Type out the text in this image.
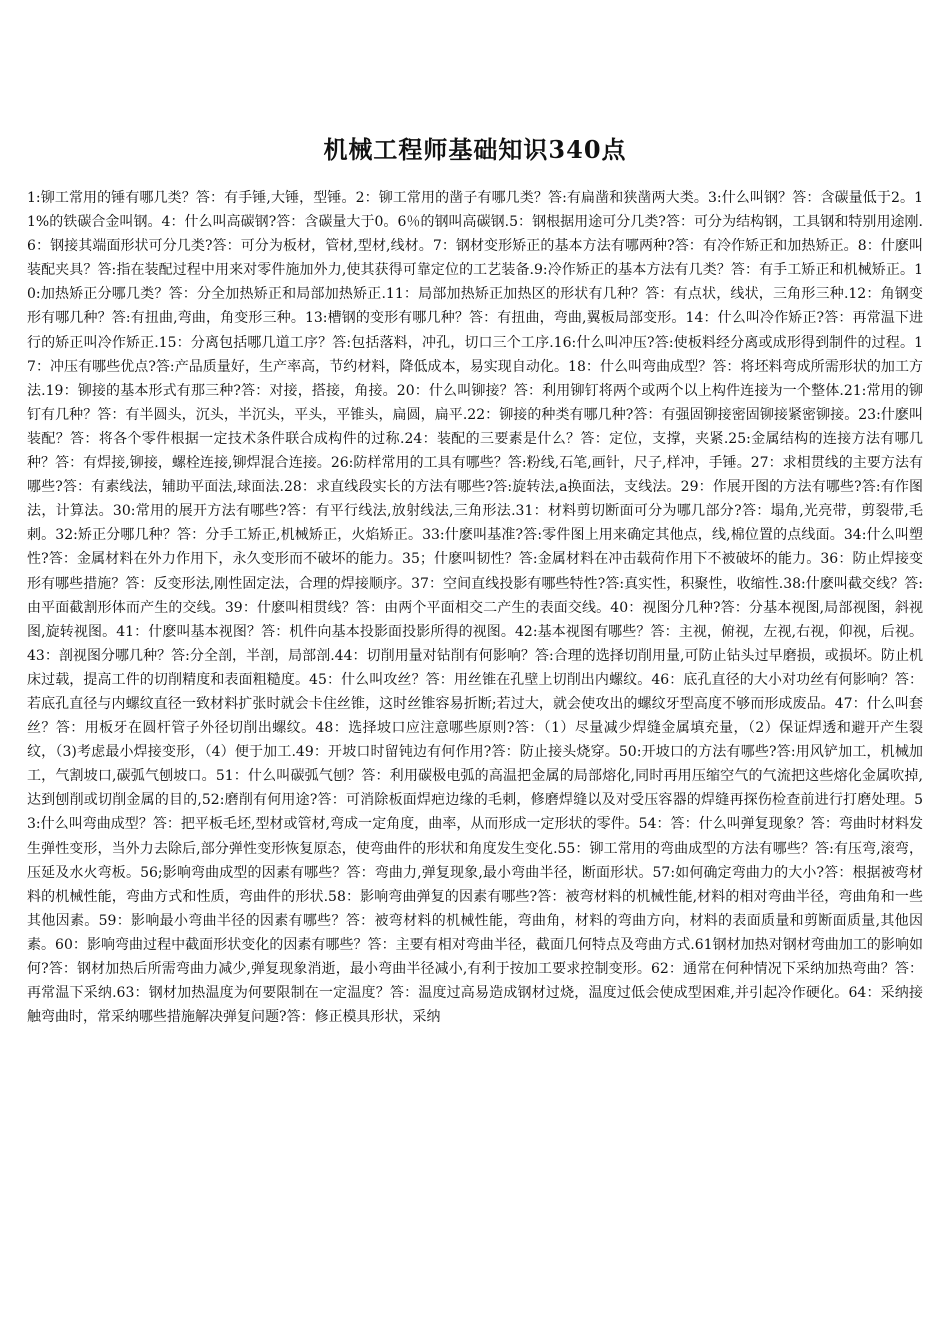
机械工程师基础知识340点

1:铆工常用的锤有哪几类？答：有手锤,大锤，型锤。2：铆工常用的凿子有哪几类？答:有扁凿和狭凿两大类。3:什么叫钢？答：含碳量低于2。11%的铁碳合金叫钢。4：什么叫高碳钢?答：含碳量大于0。6％的钢叫高碳钢.5：钢根据用途可分几类?答：可分为结构钢，工具钢和特别用途刚.6：钢接其端面形状可分几类?答：可分为板材，管材,型材,线材。7：钢材变形矫正的基本方法有哪两种?答：有冷作矫正和加热矫正。8：什麽叫装配夹具？答:指在装配过程中用来对零件施加外力,使其获得可靠定位的工艺装备.9:冷作矫正的基本方法有几类？答：有手工矫正和机械矫正。10:加热矫正分哪几类？答：分全加热矫正和局部加热矫正.11：局部加热矫正加热区的形状有几种？答：有点状，线状，三角形三种.12：角钢变形有哪几种？答:有扭曲,弯曲，角变形三种。13:槽钢的变形有哪几种？答：有扭曲，弯曲,翼板局部变形。14：什么叫冷作矫正?答：再常温下进行的矫正叫冷作矫正.15：分离包括哪几道工序？答:包括落料，冲孔，切口三个工序.16:什么叫冲压?答:使板料经分离或成形得到制件的过程。17：冲压有哪些优点?答:产品质量好，生产率高，节约材料，降低成本，易实现自动化。18：什么叫弯曲成型？答：将坯料弯成所需形状的加工方法.19：铆接的基本形式有那三种?答：对接，搭接，角接。20：什么叫铆接？答：利用铆钉将两个或两个以上构件连接为一个整体.21:常用的铆钉有几种？答：有半圆头，沉头，半沉头，平头，平锥头，扁圆，扁平.22：铆接的种类有哪几种?答：有强固铆接密固铆接紧密铆接。23:什麽叫装配？答：将各个零件根据一定技术条件联合成构件的过称.24：装配的三要素是什么？答：定位，支撑，夹紧.25:金属结构的连接方法有哪几种？答：有焊接,铆接，螺栓连接,铆焊混合连接。26:防样常用的工具有哪些？答:粉线,石笔,画针，尺子,样冲，手锤。27：求相贯线的主要方法有哪些?答：有素线法，辅助平面法,球面法.28：求直线段实长的方法有哪些?答:旋转法,a换面法，支线法。29：作展开图的方法有哪些?答:有作图法，计算法。30:常用的展开方法有哪些?答：有平行线法,放射线法,三角形法.31：材料剪切断面可分为哪几部分?答：塌角,光亮带，剪裂带,毛刺。32:矫正分哪几种？答：分手工矫正,机械矫正，火焰矫正。33:什麽叫基准?答:零件图上用来确定其他点，线,棉位置的点线面。34:什么叫塑性?答：金属材料在外力作用下，永久变形而不破坏的能力。35；什麽叫韧性？答:金属材料在冲击载荷作用下不被破坏的能力。36：防止焊接变形有哪些措施？答：反变形法,刚性固定法，合理的焊接顺序。37：空间直线投影有哪些特性?答:真实性，积聚性，收缩性.38:什麽叫截交线？答:由平面截割形体而产生的交线。39：什麽叫相贯线？答：由两个平面相交二产生的表面交线。40：视图分几种?答：分基本视图,局部视图，斜视图,旋转视图。41：什麽叫基本视图？答：机件向基本投影面投影所得的视图。42:基本视图有哪些？答：主视，俯视，左视,右视，仰视，后视。43：剖视图分哪几种？答:分全剖，半剖，局部剖.44：切削用量对钻削有何影响？答:合理的选择切削用量,可防止钻头过早磨损，或损坏。防止机床过载，提高工件的切削精度和表面粗糙度。45：什么叫攻丝？答：用丝锥在孔壁上切削出内螺纹。46：底孔直径的大小对功丝有何影响？答：若底孔直径与内螺纹直径一致材料扩张时就会卡住丝锥，这时丝锥容易折断;若过大，就会使攻出的螺纹牙型高度不够而形成废品。47：什么叫套丝？答：用板牙在圆杆管子外径切削出螺纹。48：选择坡口应注意哪些原则?答：（1）尽量减少焊缝金属填充量，（2）保证焊透和避开产生裂纹，（3)考虑最小焊接变形，（4）便于加工.49：开坡口时留钝边有何作用?答：防止接头烧穿。50:开坡口的方法有哪些?答:用风铲加工，机械加工，气割坡口,碳弧气刨坡口。51：什么叫碳弧气刨？答：利用碳极电弧的高温把金属的局部熔化,同时再用压缩空气的气流把这些熔化金属吹掉,达到刨削或切削金属的目的,52:磨削有何用途?答：可消除板面焊疤边缘的毛刺，修磨焊缝以及对受压容器的焊缝再探伤检查前进行打磨处理。53:什么叫弯曲成型？答：把平板毛坯,型材或管材,弯成一定角度，曲率，从而形成一定形状的零件。54：答：什么叫弹复现象？答：弯曲时材料发生弹性变形，当外力去除后,部分弹性变形恢复原态，使弯曲件的形状和角度发生变化.55：铆工常用的弯曲成型的方法有哪些？答:有压弯,滚弯，压延及水火弯板。56;影响弯曲成型的因素有哪些？答：弯曲力,弹复现象,最小弯曲半径，断面形状。57:如何确定弯曲力的大小?答：根据被弯材料的机械性能，弯曲方式和性质，弯曲件的形状.58：影响弯曲弹复的因素有哪些?答：被弯材料的机械性能,材料的相对弯曲半径，弯曲角和一些其他因素。59：影响最小弯曲半径的因素有哪些？答：被弯材料的机械性能，弯曲角，材料的弯曲方向，材料的表面质量和剪断面质量,其他因素。60：影响弯曲过程中截面形状变化的因素有哪些？答：主要有相对弯曲半径，截面几何特点及弯曲方式.61钢材加热对钢材弯曲加工的影响如何?答：钢材加热后所需弯曲力减少,弹复现象消逝，最小弯曲半径减小,有利于按加工要求控制变形。62：通常在何种情况下采纳加热弯曲？答：再常温下采纳.63：钢材加热温度为何要限制在一定温度？答：温度过高易造成钢材过烧，温度过低会使成型困难,并引起冷作硬化。64：采纳接触弯曲时，常采纳哪些措施解决弹复问题?答：修正模具形状，采纳
